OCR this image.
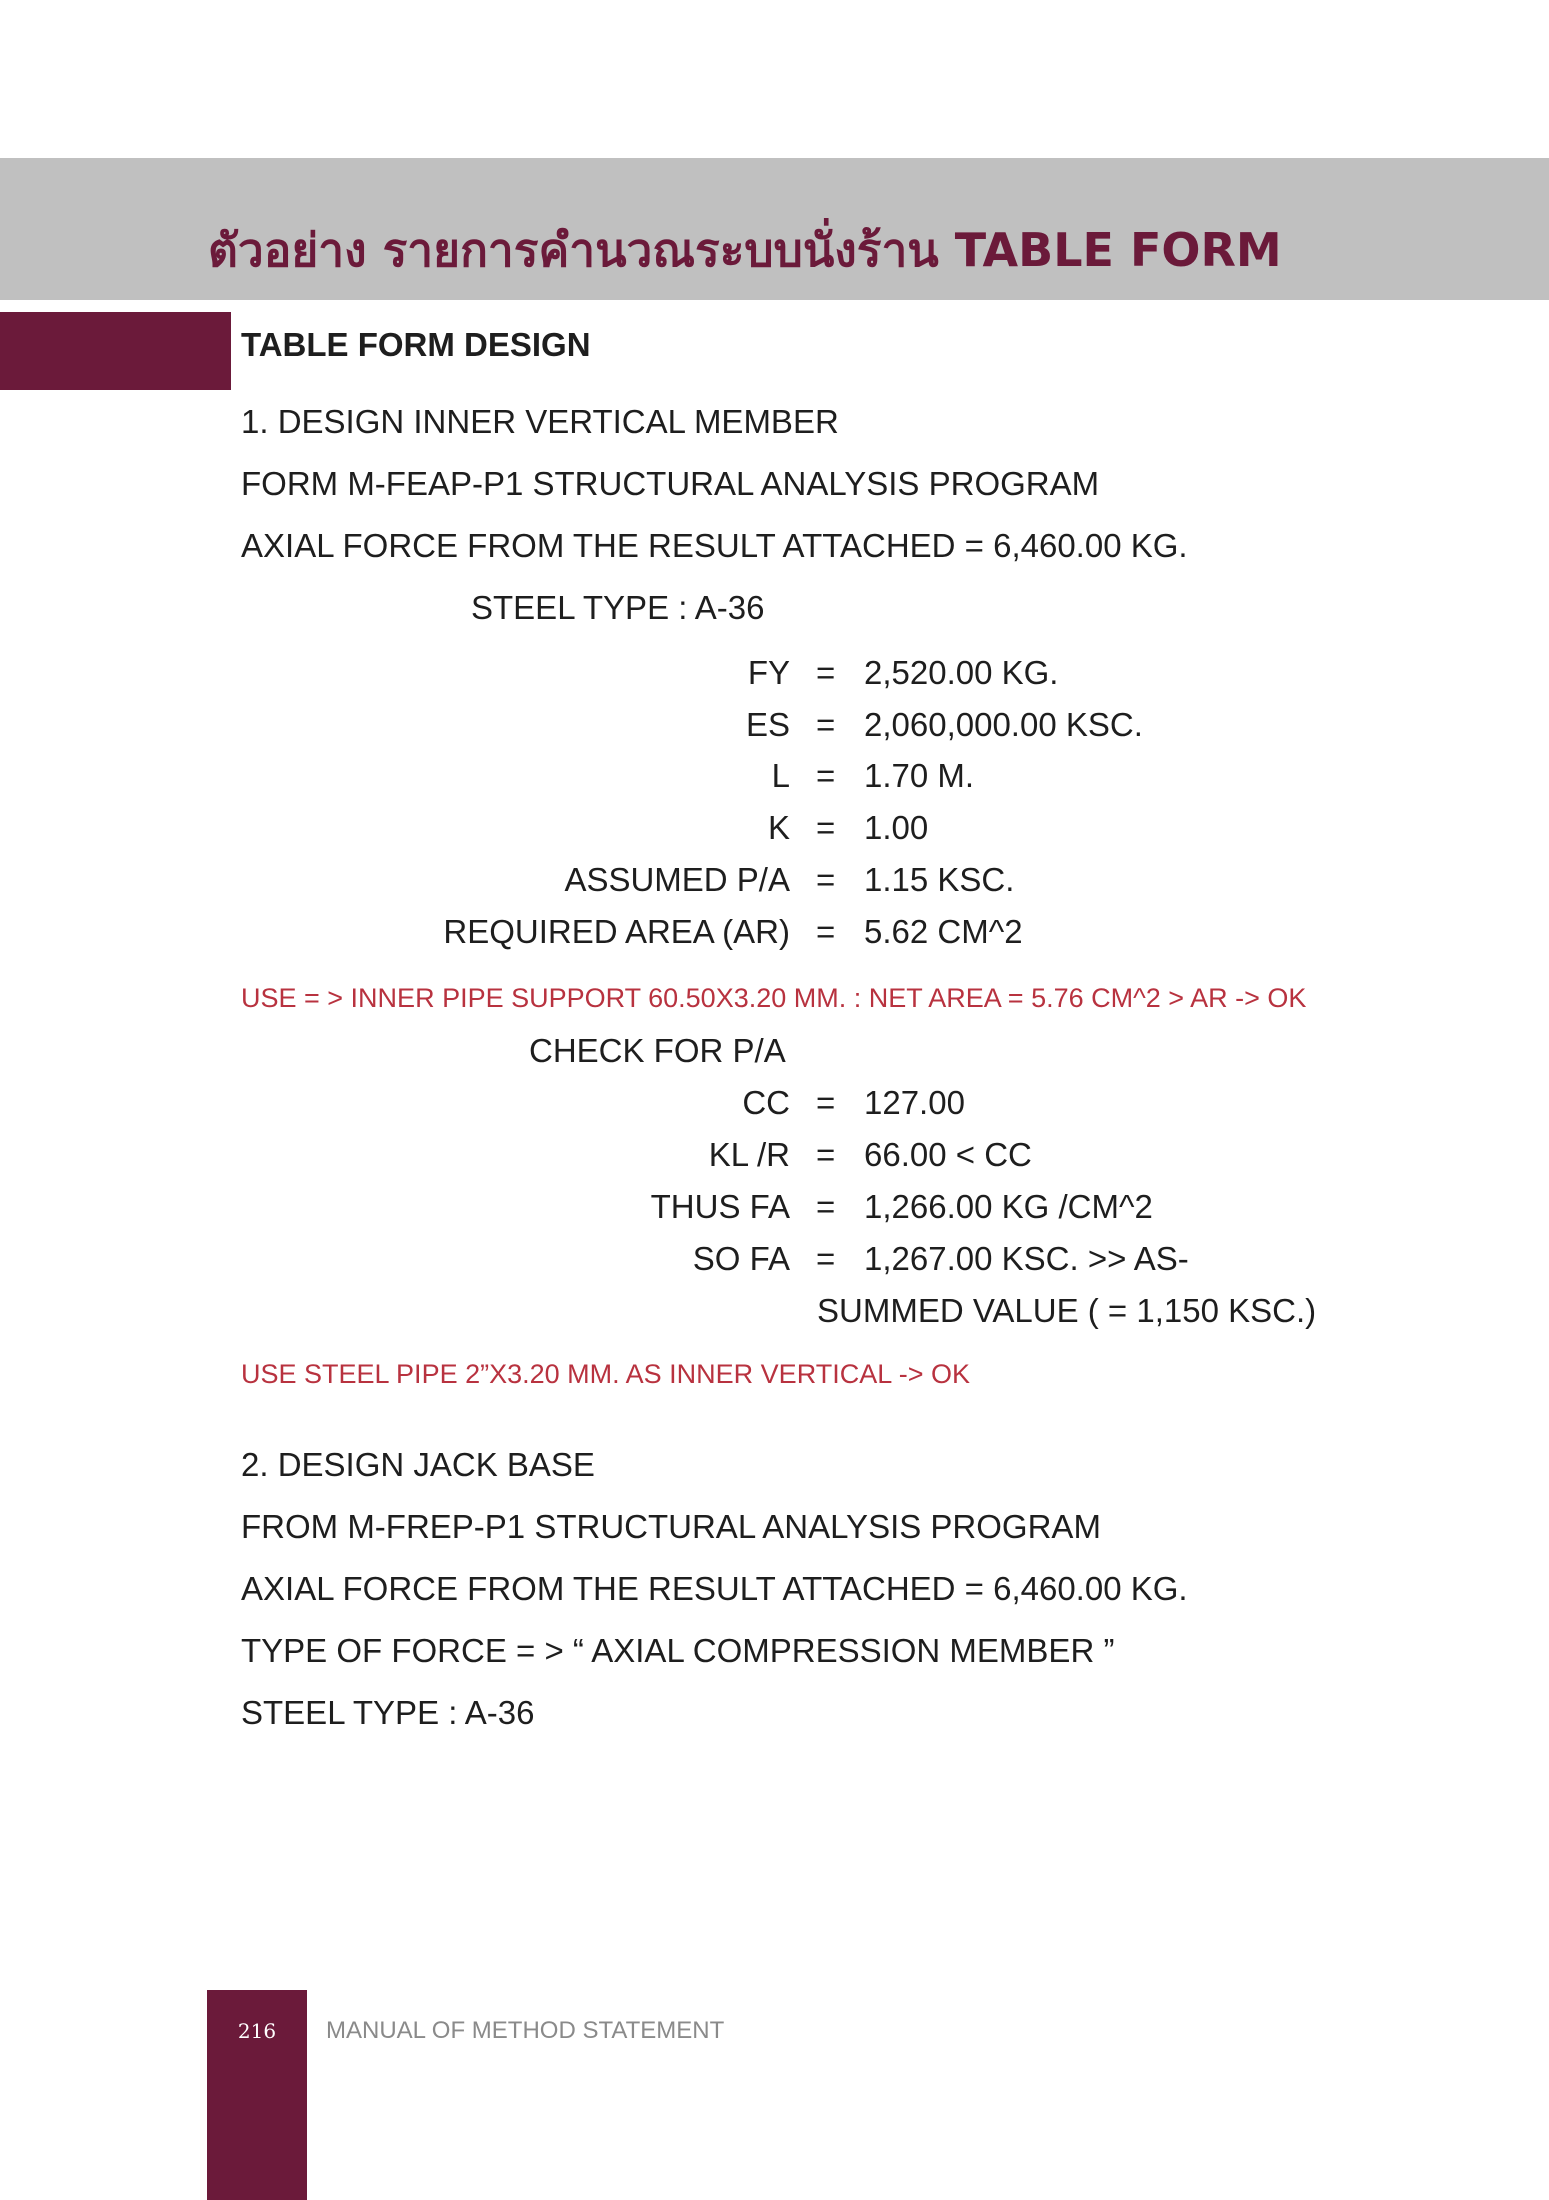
ตัวอย่าง รายการคำนวณระบบนั่งร้าน TABLE FORM
TABLE FORM DESIGN
1. DESIGN INNER VERTICAL MEMBER
FORM M-FEAP-P1 STRUCTURAL ANALYSIS PROGRAM
AXIAL FORCE FROM THE RESULT ATTACHED = 6,460.00 KG.
STEEL TYPE : A-36
FY = 2,520.00 KG.
ES = 2,060,000.00 KSC.
L = 1.70 M.
K = 1.00
ASSUMED P/A = 1.15 KSC.
REQUIRED AREA (AR) = 5.62 CM^2
USE = > INNER PIPE SUPPORT 60.50X3.20 MM. : NET AREA = 5.76 CM^2 > AR -> OK
CHECK FOR P/A
CC = 127.00
KL /R = 66.00 < CC
THUS FA = 1,266.00 KG /CM^2
SO FA = 1,267.00 KSC. >> AS-
SUMMED VALUE ( = 1,150 KSC.)
USE STEEL PIPE 2”X3.20 MM. AS INNER VERTICAL -> OK
2. DESIGN JACK BASE
FROM M-FREP-P1 STRUCTURAL ANALYSIS PROGRAM
AXIAL FORCE FROM THE RESULT ATTACHED = 6,460.00 KG.
TYPE OF FORCE = > “ AXIAL COMPRESSION MEMBER ”
STEEL TYPE : A-36
216	MANUAL OF METHOD STATEMENT
